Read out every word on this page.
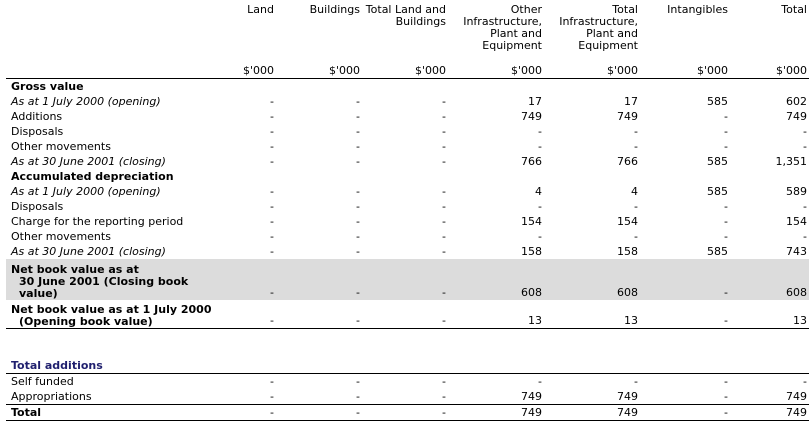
	Land	Buildings	Total Land and Buildings	Other Infrastructure, Plant and Equipment	Total Infrastructure, Plant and Equipment	Intangibles	Total
	$'000	$'000	$'000	$'000	$'000	$'000	$'000
Gross value							
As at 1 July 2000 (opening)	-	-	-	17	17	585	602
Additions	-	-	-	749	749	-	749
Disposals	-	-	-	-	-	-	-
Other movements	-	-	-	-	-	-	-
As at 30 June 2001 (closing)	-	-	-	766	766	585	1,351
Accumulated depreciation							
As at 1 July 2000 (opening)	-	-	-	4	4	585	589
Disposals	-	-	-	-	-	-	-
Charge for the reporting period	-	-	-	154	154	-	154
Other movements	-	-	-	-	-	-	-
As at 30 June 2001 (closing)	-	-	-	158	158	585	743

Net book value as at
30 June 2001 (Closing book
value)	-	-	-	608	608	-	608

Net book value as at 1 July 2000
(Opening book value)	-	-	-	13	13	-	13

Total additions							
Self funded	-	-	-	-	-	-	-
Appropriations	-	-	-	749	749	-	749
Total	-	-	-	749	749	-	749
